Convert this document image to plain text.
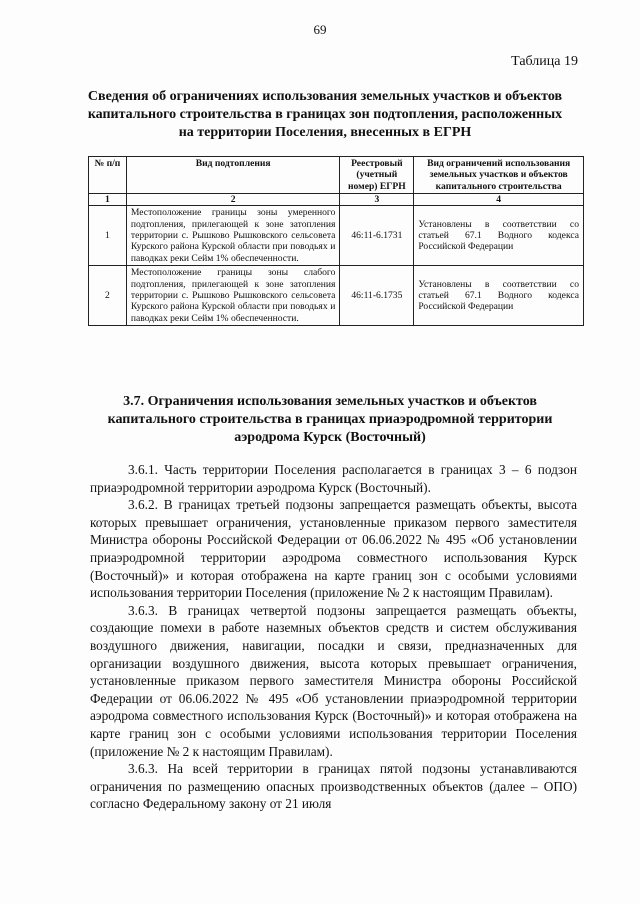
69
Таблица 19
Сведения об ограничениях использования земельных участков и объектов капитального строительства в границах зон подтопления, расположенных на территории Поселения, внесенных в ЕГРН
№ п/п	Вид подтопления	Реестровый (учетный номер) ЕГРН	Вид ограничений использования земельных участков и объектов капитального строительства
1	2	3	4
1	Местоположение границы зоны умеренного подтопления, прилегающей к зоне затопления территории с. Рышково Рышковского сельсовета Курского района Курской области при поводьях и паводках реки Сейм 1% обеспеченности.	46:11-6.1731	Установлены в соответствии со статьей 67.1 Водного кодекса Российской Федерации
2	Местоположение границы зоны слабого подтопления, прилегающей к зоне затопления территории с. Рышково Рышковского сельсовета Курского района Курской области при поводьях и паводках реки Сейм 1% обеспеченности.	46:11-6.1735	Установлены в соответствии со статьей 67.1 Водного кодекса Российской Федерации
3.7. Ограничения использования земельных участков и объектов капитального строительства в границах приаэродромной территории аэродрома Курск (Восточный)

3.6.1. Часть территории Поселения располагается в границах 3 – 6 подзон приаэродромной территории аэродрома Курск (Восточный).

3.6.2. В границах третьей подзоны запрещается размещать объекты, высота которых превышает ограничения, установленные приказом первого заместителя Министра обороны Российской Федерации от 06.06.2022 № 495 «Об установлении приаэродромной территории аэродрома совместного использования Курск (Восточный)» и которая отображена на карте границ зон с особыми условиями использования территории Поселения (приложение № 2 к настоящим Правилам).

3.6.3. В границах четвертой подзоны запрещается размещать объекты, создающие помехи в работе наземных объектов средств и систем обслуживания воздушного движения, навигации, посадки и связи, предназначенных для организации воздушного движения, высота которых превышает ограничения, установленные приказом первого заместителя Министра обороны Российской Федерации от 06.06.2022 № 495 «Об установлении приаэродромной территории аэродрома совместного использования Курск (Восточный)» и которая отображена на карте границ зон с особыми условиями использования территории Поселения (приложение № 2 к настоящим Правилам).

3.6.3. На всей территории в границах пятой подзоны устанавливаются ограничения по размещению опасных производственных объектов (далее – ОПО) согласно Федеральному закону от 21 июля
